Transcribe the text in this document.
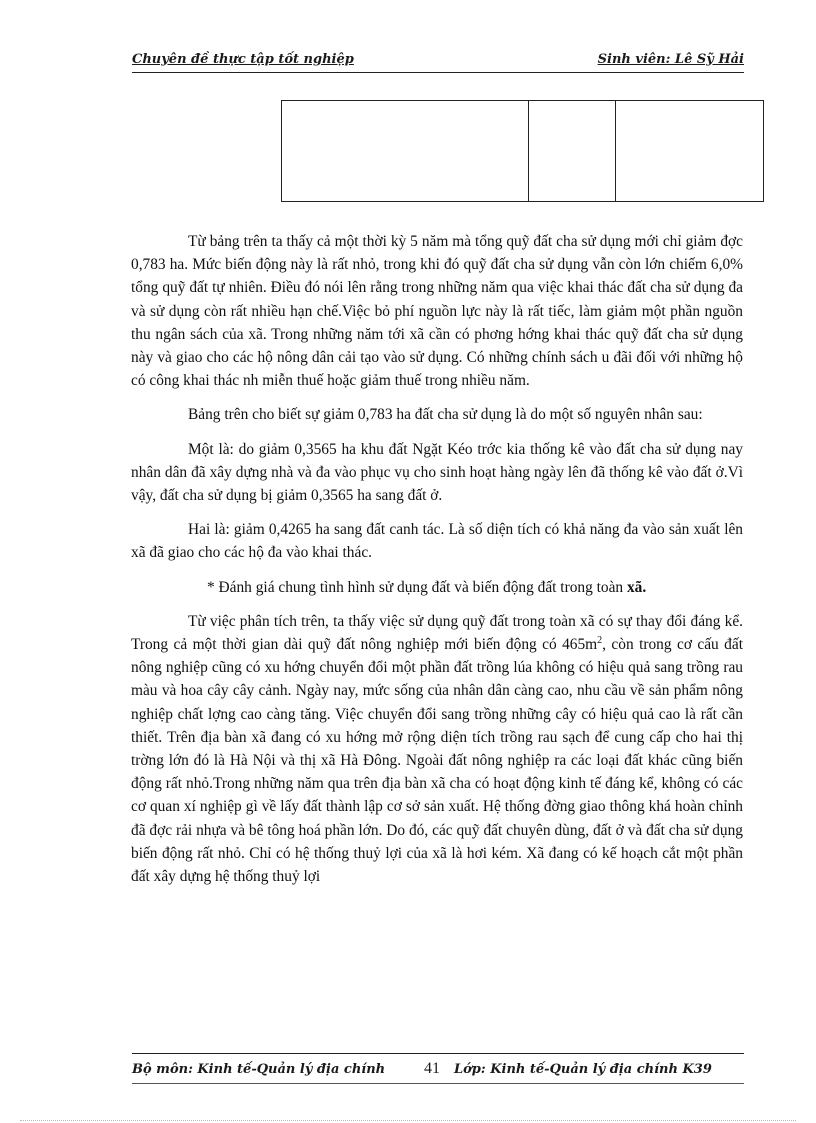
Chuyên đề thực tập tốt nghiệp	Sinh viên: Lê Sỹ Hải

Từ bảng trên ta thấy cả một thời kỳ 5 năm mà tổng quỹ đất cha sử dụng mới chỉ giảm đợc 0,783 ha. Mức biến động này là rất nhỏ, trong khi đó quỹ đất cha sử dụng vẫn còn lớn chiếm 6,0% tổng quỹ đất tự nhiên. Điều đó nói lên rằng trong những năm qua việc khai thác đất cha sử dụng đa và sử dụng còn rất nhiều hạn chế.Việc bỏ phí nguồn lực này là rất tiếc, làm giảm một phần nguồn thu ngân sách của xã. Trong những năm tới xã cần có phơng hớng khai thác quỹ đất cha sử dụng này và giao cho các hộ nông dân cải tạo vào sử dụng. Có những chính sách u đãi đối với những hộ có công khai thác nh miễn thuế hoặc giảm thuế trong nhiều năm.

Bảng trên cho biết sự giảm 0,783 ha đất cha sử dụng là do một số nguyên nhân sau:

Một là: do giảm 0,3565 ha khu đất Ngặt Kéo trớc kia thống kê vào đất cha sử dụng nay nhân dân đã xây dựng nhà và đa vào phục vụ cho sinh hoạt hàng ngày lên đã thống kê vào đất ở.Vì vậy, đất cha sử dụng bị giảm 0,3565 ha sang đất ở.

Hai là: giảm 0,4265 ha sang đất canh tác. Là số diện tích có khả năng đa vào sản xuất lên xã đã giao cho các hộ đa vào khai thác.

* Đánh giá chung tình hình sử dụng đất và biến động đất trong toàn xã.

Từ việc phân tích trên, ta thấy việc sử dụng quỹ đất trong toàn xã có sự thay đổi đáng kể. Trong cả một thời gian dài quỹ đất nông nghiệp mới biến động có $465m^2$, còn trong cơ cấu đất nông nghiệp cũng có xu hớng chuyển đổi một phần đất trồng lúa không có hiệu quả sang trồng rau màu và hoa cây cây cảnh. Ngày nay, mức sống của nhân dân càng cao, nhu cầu về sản phẩm nông nghiệp chất lợng cao càng tăng. Việc chuyển đổi sang trồng những cây có hiệu quả cao là rất cần thiết. Trên địa bàn xã đang có xu hớng mở rộng diện tích trồng rau sạch để cung cấp cho hai thị trờng lớn đó là Hà Nội và thị xã Hà Đông. Ngoài đất nông nghiệp ra các loại đất khác cũng biến động rất nhỏ.Trong những năm qua trên địa bàn xã cha có hoạt động kinh tế đáng kể, không có các cơ quan xí nghiệp gì về lấy đất thành lập cơ sở sản xuất. Hệ thống đờng giao thông khá hoàn chỉnh đã đợc rải nhựa và bê tông hoá phần lớn. Do đó, các quỹ đất chuyên dùng, đất ở và đất cha sử dụng biến động rất nhỏ. Chỉ có hệ thống thuỷ lợi của xã là hơi kém. Xã đang có kế hoạch cắt một phần đất xây dựng hệ thống thuỷ lợi

Bộ môn: Kinh tế-Quản lý địa chính 41 Lớp: Kinh tế-Quản lý địa chính K39
